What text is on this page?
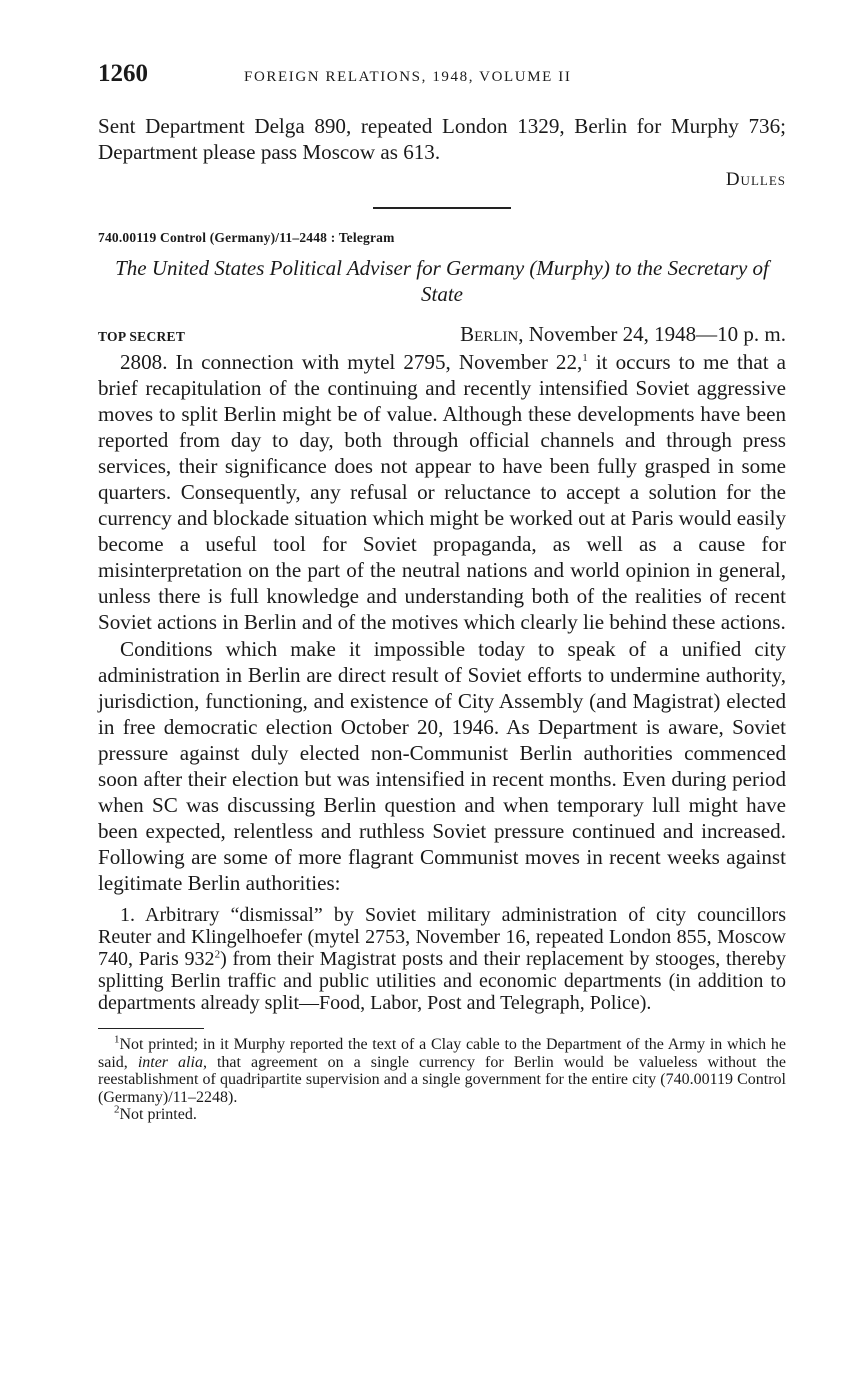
1260	FOREIGN RELATIONS, 1948, VOLUME II

Sent Department Delga 890, repeated London 1329, Berlin for Murphy 736; Department please pass Moscow as 613.

Dulles

740.00119 Control (Germany)/11–2448 : Telegram

The United States Political Adviser for Germany (Murphy) to the Secretary of State

TOP SECRET	Berlin, November 24, 1948—10 p. m.

2808. In connection with mytel 2795, November 22,$^1$ it occurs to me that a brief recapitulation of the continuing and recently intensified Soviet aggressive moves to split Berlin might be of value. Although these developments have been reported from day to day, both through official channels and through press services, their significance does not appear to have been fully grasped in some quarters. Consequently, any refusal or reluctance to accept a solution for the currency and blockade situation which might be worked out at Paris would easily become a useful tool for Soviet propaganda, as well as a cause for misinterpretation on the part of the neutral nations and world opinion in general, unless there is full knowledge and understanding both of the realities of recent Soviet actions in Berlin and of the motives which clearly lie behind these actions.

Conditions which make it impossible today to speak of a unified city administration in Berlin are direct result of Soviet efforts to undermine authority, jurisdiction, functioning, and existence of City Assembly (and Magistrat) elected in free democratic election October 20, 1946. As Department is aware, Soviet pressure against duly elected non-Communist Berlin authorities commenced soon after their election but was intensified in recent months. Even during period when SC was discussing Berlin question and when temporary lull might have been expected, relentless and ruthless Soviet pressure continued and increased. Following are some of more flagrant Communist moves in recent weeks against legitimate Berlin authorities:

1. Arbitrary “dismissal” by Soviet military administration of city councillors Reuter and Klingelhoefer (mytel 2753, November 16, repeated London 855, Moscow 740, Paris $932^2$) from their Magistrat posts and their replacement by stooges, thereby splitting Berlin traffic and public utilities and economic departments (in addition to departments already split—Food, Labor, Post and Telegraph, Police).

$^1$Not printed; in it Murphy reported the text of a Clay cable to the Department of the Army in which he said, inter alia, that agreement on a single currency for Berlin would be valueless without the reestablishment of quadripartite supervision and a single government for the entire city (740.00119 Control (Germany)/11–2248).

$^2$Not printed.
